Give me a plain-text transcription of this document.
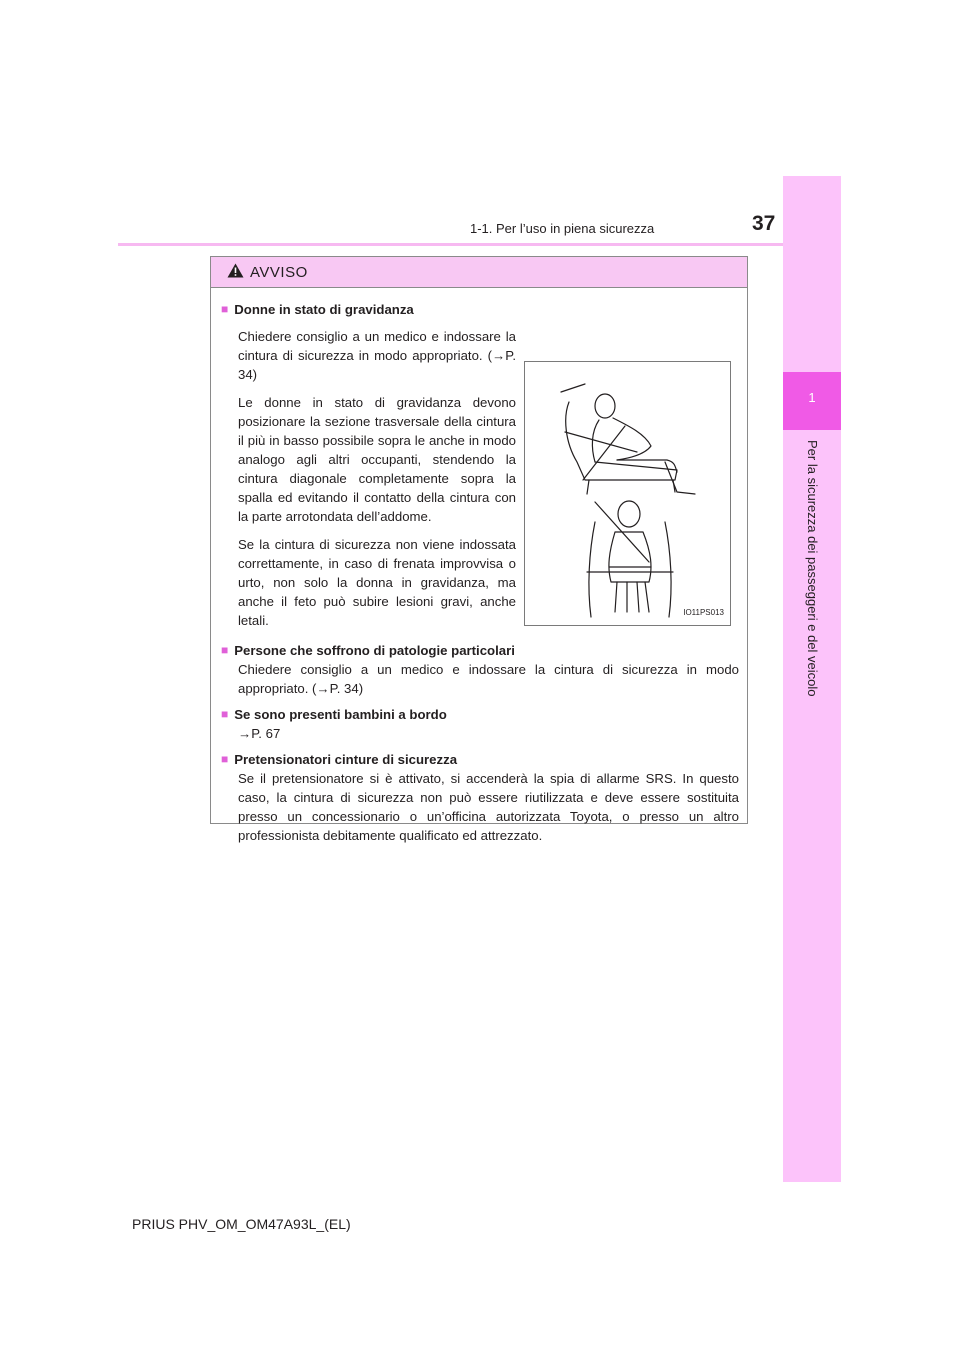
1
Per la sicurezza dei passeggeri e del veicolo
1-1. Per l’uso in piena sicurezza	37
AVVISO
■ Donne in stato di gravidanza

Chiedere consiglio a un medico e indossare la cintura di sicurezza in modo appropriato. (→P. 34)

Le donne in stato di gravidanza devono posizionare la sezione trasversale della cintura il più in basso possibile sopra le anche in modo analogo agli altri occupanti, stendendo la cintura diagonale completamente sopra la spalla ed evitando il contatto della cintura con la parte arrotondata dell’addome.

Se la cintura di sicurezza non viene indossata correttamente, in caso di frenata improvvisa o urto, non solo la donna in gravidanza, ma anche il feto può subire lesioni gravi, anche letali.

IO11PS013
■ Persone che soffrono di patologie particolari

Chiedere consiglio a un medico e indossare la cintura di sicurezza in modo appropriato. (→P. 34)

■ Se sono presenti bambini a bordo

→P. 67

■ Pretensionatori cinture di sicurezza

Se il pretensionatore si è attivato, si accenderà la spia di allarme SRS. In questo caso, la cintura di sicurezza non può essere riutilizzata e deve essere sostituita presso un concessionario o un’officina autorizzata Toyota, o presso un altro professionista debitamente qualificato ed attrezzato.

PRIUS PHV_OM_OM47A93L_(EL)
